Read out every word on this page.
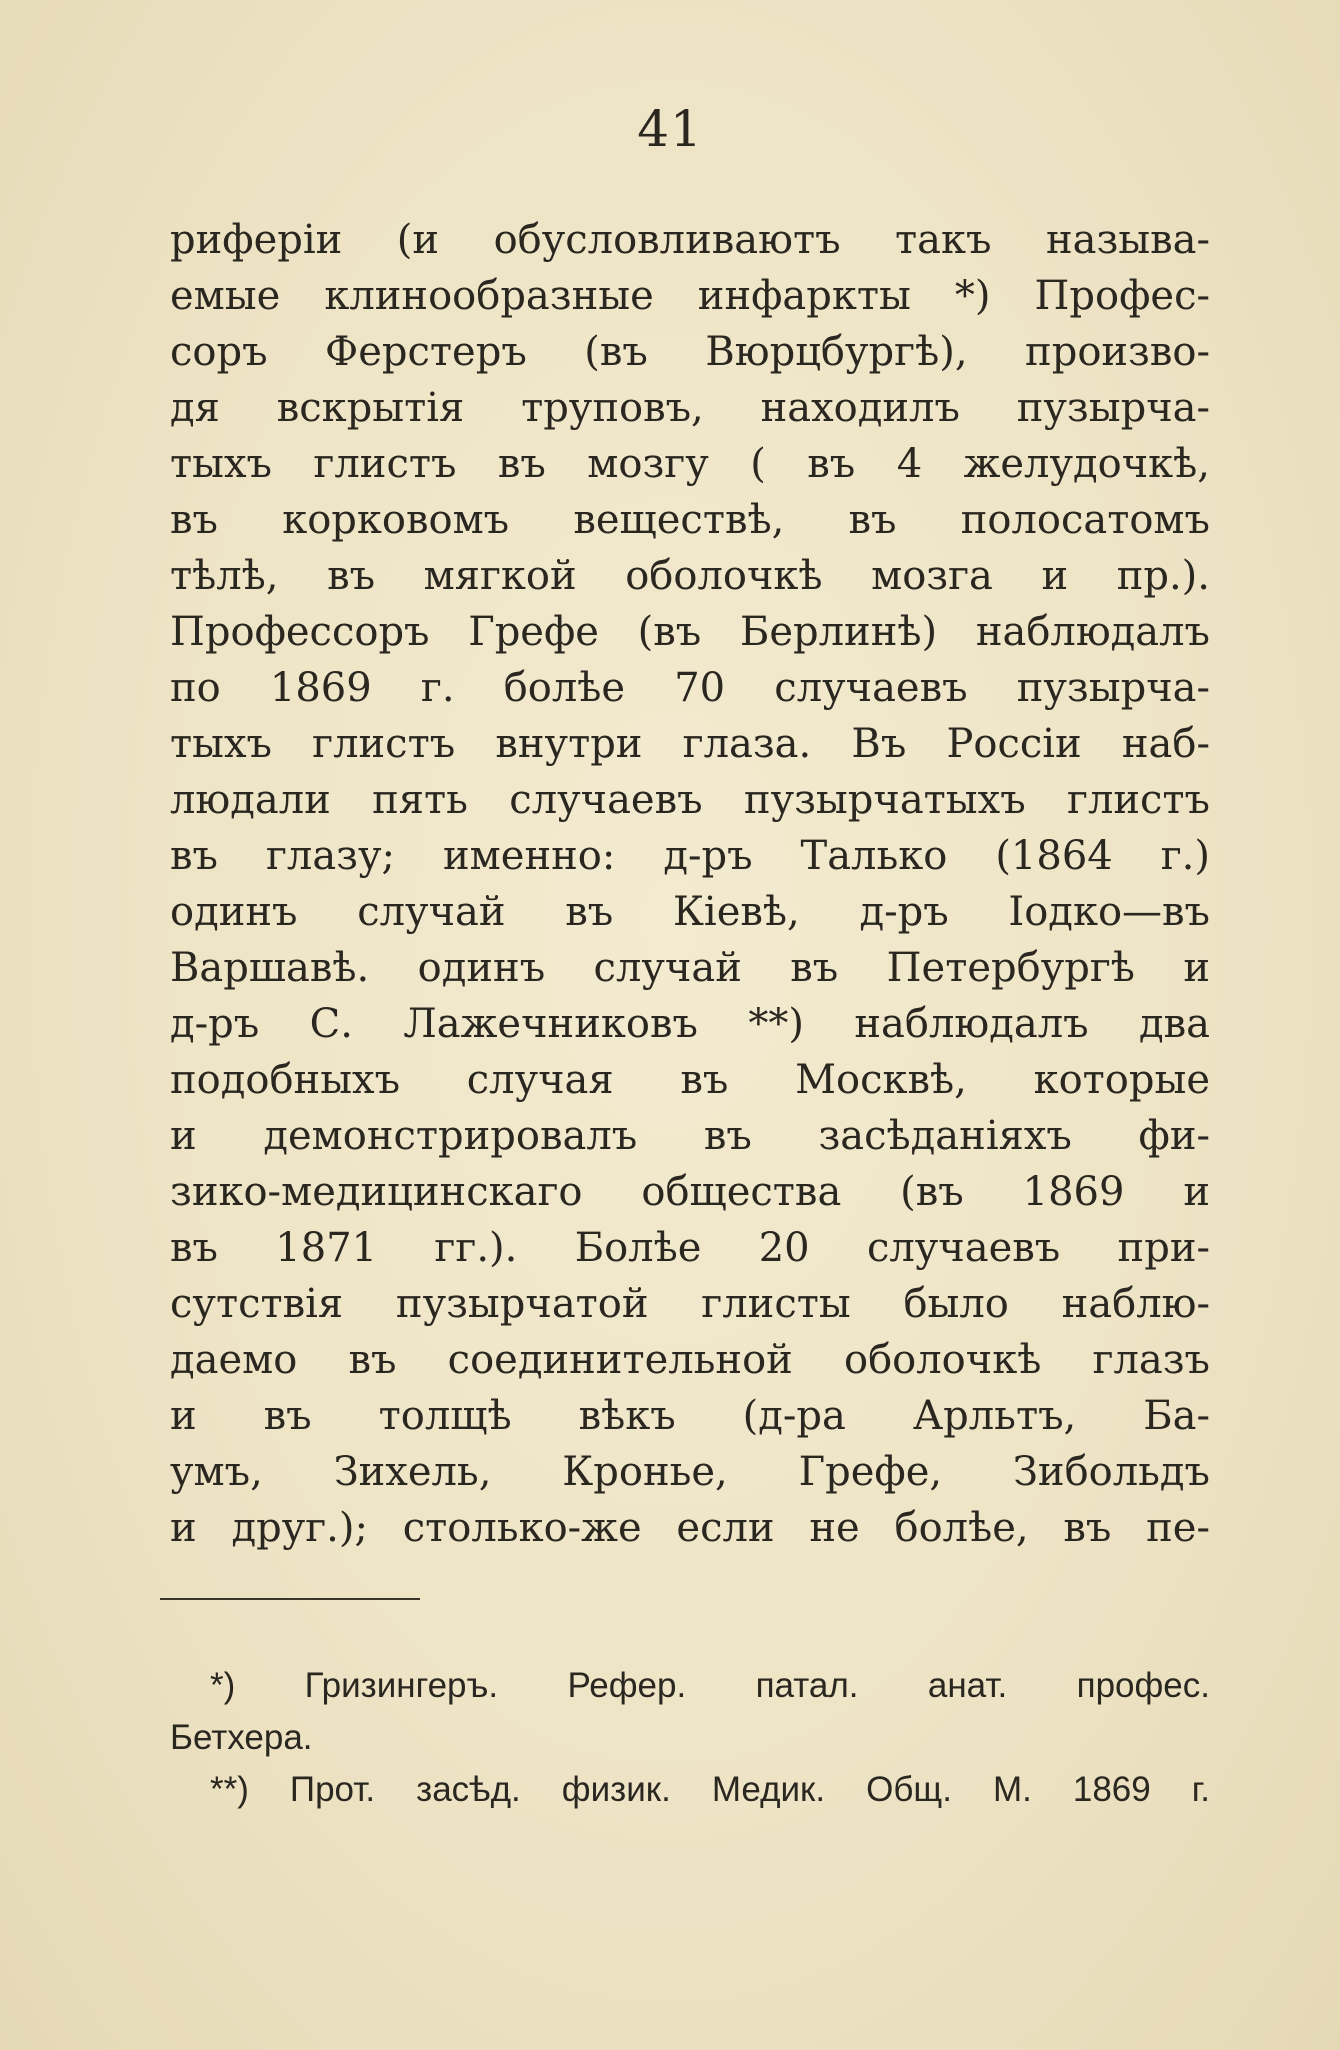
41
риферіи (и обусловливаютъ такъ называ-
емые клинообразные инфаркты *) Профес-
соръ Ферстеръ (въ Вюрцбургѣ), произво-
дя вскрытія труповъ, находилъ пузырча-
тыхъ глистъ въ мозгу ( въ 4 желудочкѣ,
въ корковомъ веществѣ, въ полосатомъ
тѣлѣ, въ мягкой оболочкѣ мозга и пр.).
Профессоръ Грефе (въ Берлинѣ) наблюдалъ
по 1869 г. болѣе 70 случаевъ пузырча-
тыхъ глистъ внутри глаза. Въ Россіи наб-
людали пять случаевъ пузырчатыхъ глистъ
въ глазу; именно: д-ръ Талько (1864 г.)
одинъ случай въ Кіевѣ, д-ръ Іодко—въ
Варшавѣ. одинъ случай въ Петербургѣ и
д-ръ С. Лажечниковъ **) наблюдалъ два
подобныхъ случая въ Москвѣ, которые
и демонстрировалъ въ засѣданіяхъ фи-
зико-медицинскаго общества (въ 1869 и
въ 1871 гг.). Болѣе 20 случаевъ при-
сутствія пузырчатой глисты было наблю-
даемо въ соединительной оболочкѣ глазъ
и въ толщѣ вѣкъ (д-ра Арльтъ, Ба-
умъ, Зихель, Кронье, Грефе, Зибольдъ
и друг.); столько-же если не болѣе, въ пе-
*) Гризингеръ. Рефер. патал. анат. профес.
Бетхера.
**) Прот. засѣд. физик. Медик. Общ. М. 1869 г.
